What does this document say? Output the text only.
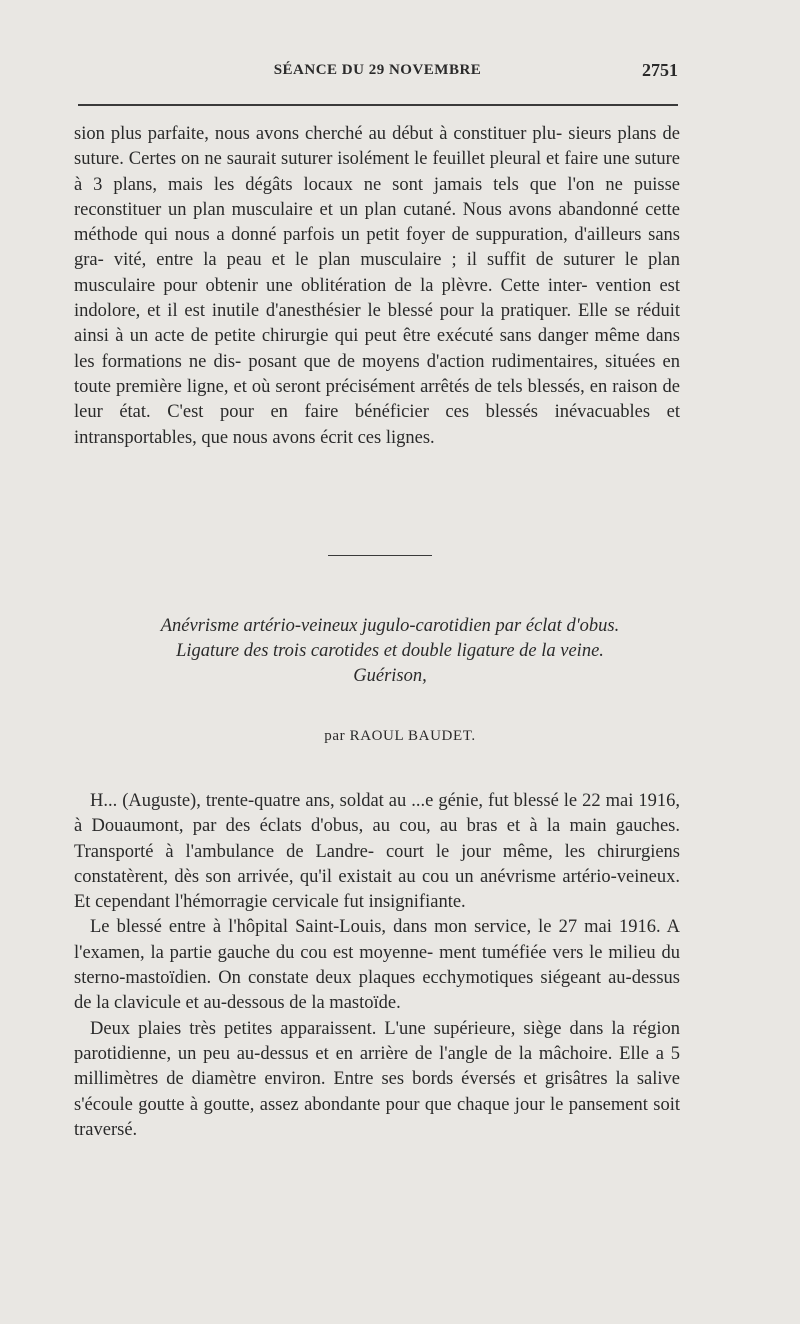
SÉANCE DU 29 NOVEMBRE	2751

sion plus parfaite, nous avons cherché au début à constituer plu- sieurs plans de suture. Certes on ne saurait suturer isolément le feuillet pleural et faire une suture à 3 plans, mais les dégâts locaux ne sont jamais tels que l'on ne puisse reconstituer un plan musculaire et un plan cutané. Nous avons abandonné cette méthode qui nous a donné parfois un petit foyer de suppuration, d'ailleurs sans gra- vité, entre la peau et le plan musculaire ; il suffit de suturer le plan musculaire pour obtenir une oblitération de la plèvre. Cette inter- vention est indolore, et il est inutile d'anesthésier le blessé pour la pratiquer. Elle se réduit ainsi à un acte de petite chirurgie qui peut être exécuté sans danger même dans les formations ne dis- posant que de moyens d'action rudimentaires, situées en toute première ligne, et où seront précisément arrêtés de tels blessés, en raison de leur état. C'est pour en faire bénéficier ces blessés inévacuables et intransportables, que nous avons écrit ces lignes.

Anévrisme artério-veineux jugulo-carotidien par éclat d'obus.
Ligature des trois carotides et double ligature de la veine.
Guérison,
par RAOUL BAUDET.

H... (Auguste), trente-quatre ans, soldat au ...e génie, fut blessé le 22 mai 1916, à Douaumont, par des éclats d'obus, au cou, au bras et à la main gauches. Transporté à l'ambulance de Landre- court le jour même, les chirurgiens constatèrent, dès son arrivée, qu'il existait au cou un anévrisme artério-veineux. Et cependant l'hémorragie cervicale fut insignifiante.

Le blessé entre à l'hôpital Saint-Louis, dans mon service, le 27 mai 1916. A l'examen, la partie gauche du cou est moyenne- ment tuméfiée vers le milieu du sterno-mastoïdien. On constate deux plaques ecchymotiques siégeant au-dessus de la clavicule et au-dessous de la mastoïde.

Deux plaies très petites apparaissent. L'une supérieure, siège dans la région parotidienne, un peu au-dessus et en arrière de l'angle de la mâchoire. Elle a 5 millimètres de diamètre environ. Entre ses bords éversés et grisâtres la salive s'écoule goutte à goutte, assez abondante pour que chaque jour le pansement soit traversé.
